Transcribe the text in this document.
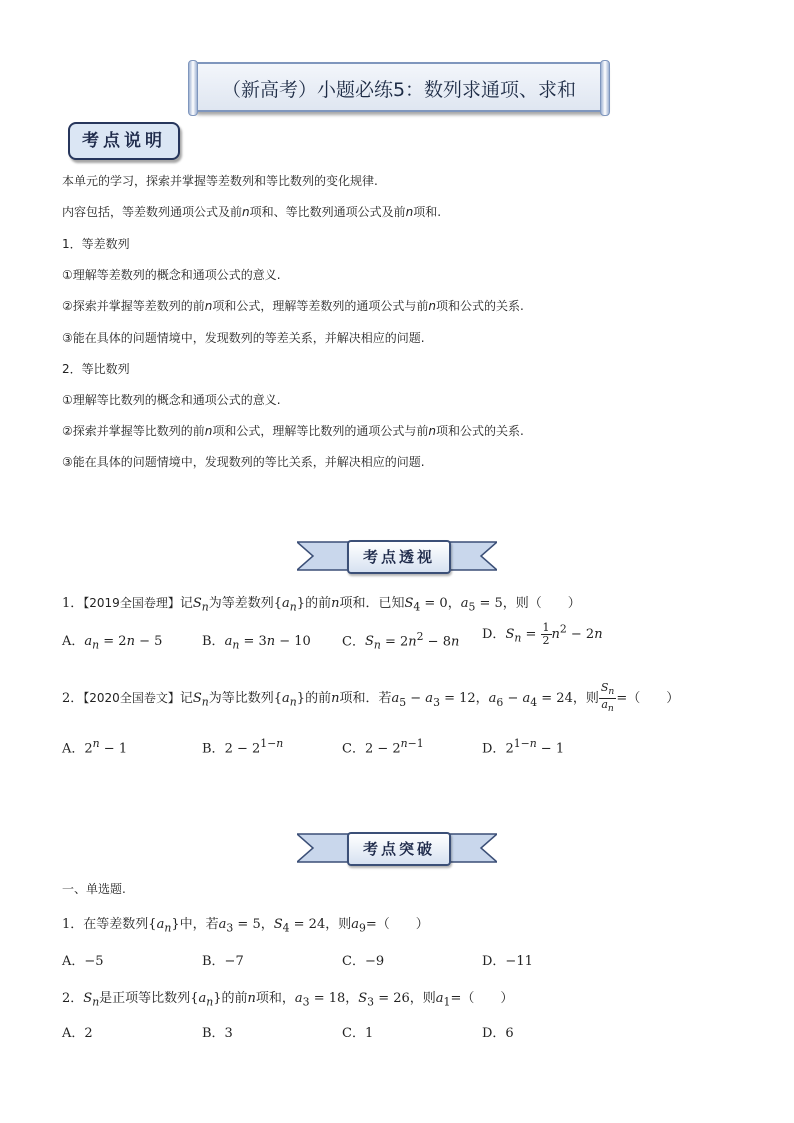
（新高考）小题必练5：数列求通项、求和
考点说明
本单元的学习，探索并掌握等差数列和等比数列的变化规律.
内容包括，等差数列通项公式及前n项和、等比数列通项公式及前n项和.
1．等差数列
①理解等差数列的概念和通项公式的意义.
②探索并掌握等差数列的前n项和公式，理解等差数列的通项公式与前n项和公式的关系.
③能在具体的问题情境中，发现数列的等差关系，并解决相应的问题.
2．等比数列
①理解等比数列的概念和通项公式的意义.
②探索并掌握等比数列的前n项和公式，理解等比数列的通项公式与前n项和公式的关系.
③能在具体的问题情境中，发现数列的等比关系，并解决相应的问题.
考点透视
1．【2019全国卷理】记$S_n$为等差数列$\{a_n\}$的前n项和．已知$S_4 = 0$，$a_5 = 5$，则（　　）
A．$a_n = 2n - 5$	B．$a_n = 3n - 10$ C．$S_n = 2n^2 - 8n$ D．$S_n = \frac{1}{2} n^2 - 2n$
2．【2020全国卷文】记$S_n$为等比数列$\{a_n\}$的前n项和．若$a_5 - a_3 = 12$，$a_6 - a_4 = 24$，则 $\frac{S_n}{a_n}$ =（　　）
A．$2^n - 1$	B．$2 - 2^{1-n}$	C．$2 - 2^{n-1}$	D．$2^{1-n} - 1$
考点突破
一、单选题.
1．在等差数列$\{a_n\}$中，若$a_3 = 5$，$S_4 = 24$，则$a_9=$（　　）
A．−5	B．−7	C．−9	D．−11
2．$S_n$是正项等比数列$\{a_n\}$的前n项和，$a_3 = 18$，$S_3 = 26$，则$a_1=$（　　）
A．2	B．3	C．1	D．6
